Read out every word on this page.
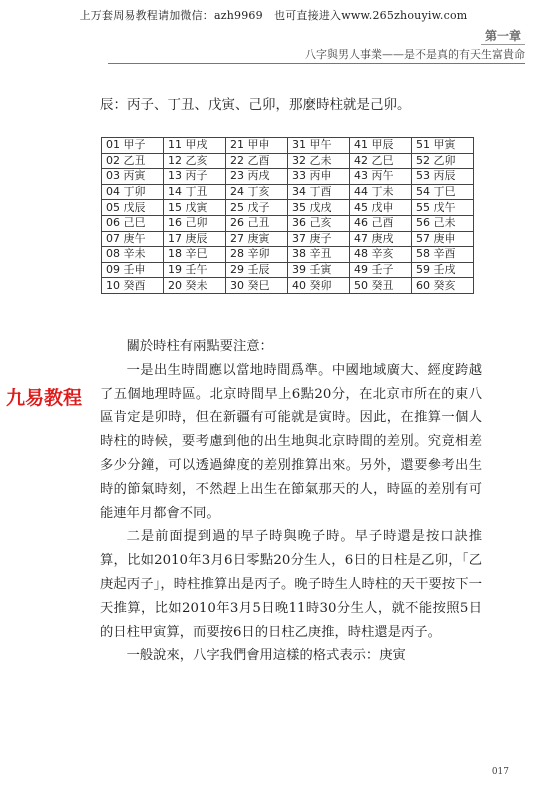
上万套周易教程请加微信：azh9969　也可直接进入www.265zhouyiw.com
第一章
八字與男人事業——是不是真的有天生富貴命
辰：丙子、丁丑、戊寅、己卯，那麼時柱就是己卯。
01 甲子	11 甲戌	21 甲申	31 甲午	41 甲辰	51 甲寅
02 乙丑	12 乙亥	22 乙酉	32 乙未	42 乙巳	52 乙卯
03 丙寅	13 丙子	23 丙戌	33 丙申	43 丙午	53 丙辰
04 丁卯	14 丁丑	24 丁亥	34 丁酉	44 丁未	54 丁巳
05 戊辰	15 戊寅	25 戊子	35 戊戌	45 戊申	55 戊午
06 己巳	16 己卯	26 己丑	36 己亥	46 己酉	56 己未
07 庚午	17 庚辰	27 庚寅	37 庚子	47 庚戌	57 庚申
08 辛未	18 辛巳	28 辛卯	38 辛丑	48 辛亥	58 辛酉
09 壬申	19 壬午	29 壬辰	39 壬寅	49 壬子	59 壬戌
10 癸酉	20 癸未	30 癸巳	40 癸卯	50 癸丑	60 癸亥

關於時柱有兩點要注意：

一是出生時間應以當地時間爲準。中國地域廣大、經度跨越了五個地理時區。北京時間早上6點20分，在北京市所在的東八區肯定是卯時，但在新疆有可能就是寅時。因此，在推算一個人時柱的時候，要考慮到他的出生地與北京時間的差別。究竟相差多少分鐘，可以透過緯度的差別推算出來。另外，還要參考出生時的節氣時刻，不然趕上出生在節氣那天的人，時區的差別有可能連年月都會不同。

二是前面提到過的早子時與晚子時。早子時還是按口訣推算，比如2010年3月6日零點20分生人，6日的日柱是乙卯，「乙庚起丙子」，時柱推算出是丙子。晚子時生人時柱的天干要按下一天推算，比如2010年3月5日晚11時30分生人，就不能按照5日的日柱甲寅算，而要按6日的日柱乙庚推，時柱還是丙子。

一般說來，八字我們會用這樣的格式表示：庚寅

九易教程
017
